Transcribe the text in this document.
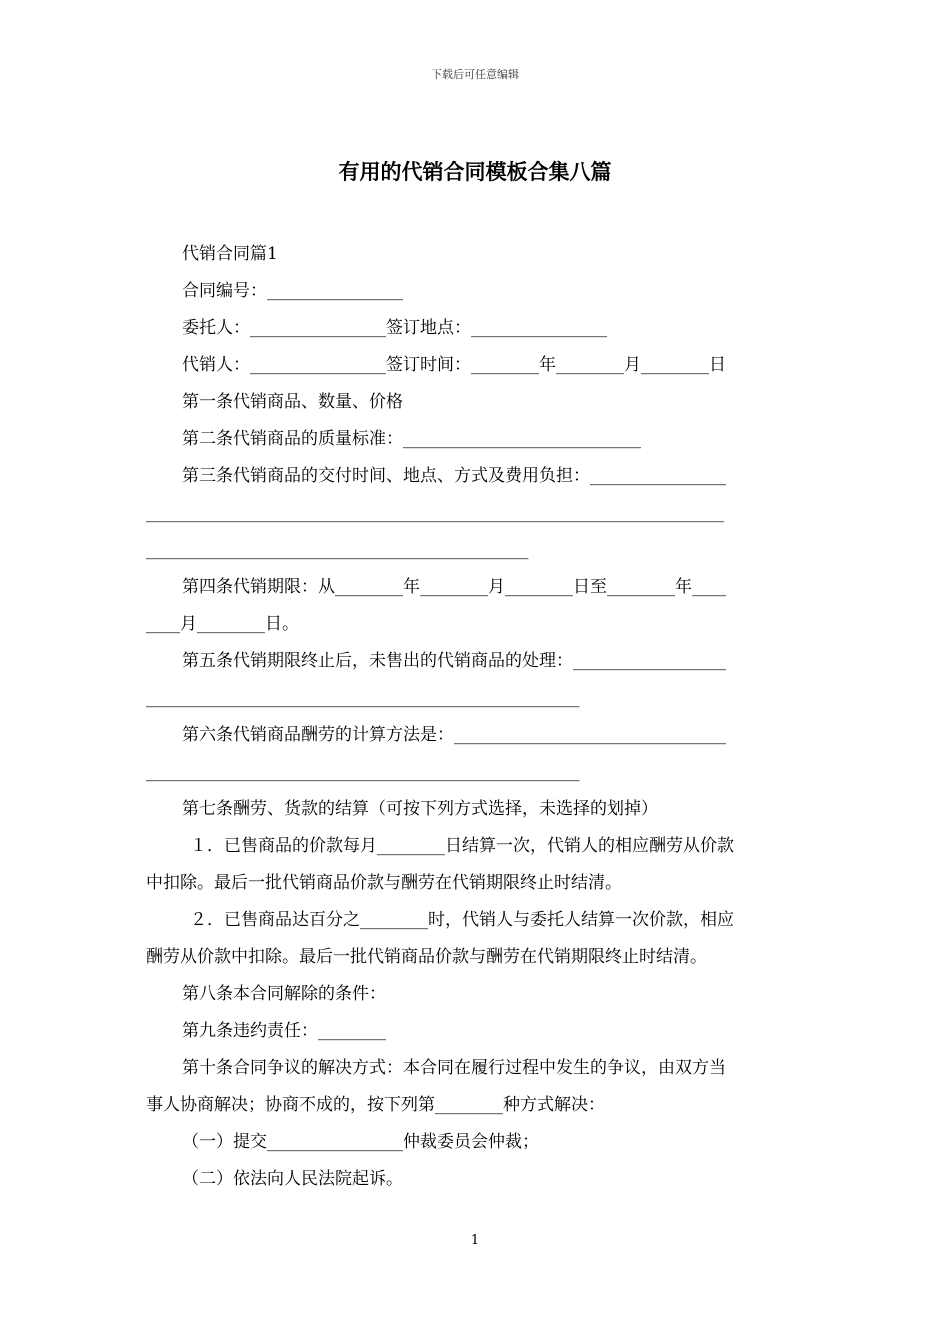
下载后可任意编辑
有用的代销合同模板合集八篇
代销合同篇1
合同编号：________________
委托人：________________签订地点：________________
代销人：________________签订时间：________年________月________日
第一条代销商品、数量、价格
第二条代销商品的质量标准：____________________________
第三条代销商品的交付时间、地点、方式及费用负担：________________
____________________________________________________________________
_____________________________________________
第四条代销期限：从________年________月________日至________年____
____月________日。
第五条代销期限终止后，未售出的代销商品的处理：__________________
___________________________________________________
第六条代销商品酬劳的计算方法是：________________________________
___________________________________________________
第七条酬劳、货款的结算（可按下列方式选择，未选择的划掉）
１．已售商品的价款每月________日结算一次，代销人的相应酬劳从价款
中扣除。最后一批代销商品价款与酬劳在代销期限终止时结清。
２．已售商品达百分之________时，代销人与委托人结算一次价款，相应
酬劳从价款中扣除。最后一批代销商品价款与酬劳在代销期限终止时结清。
第八条本合同解除的条件：
第九条违约责任：________
第十条合同争议的解决方式：本合同在履行过程中发生的争议，由双方当
事人协商解决；协商不成的，按下列第________种方式解决：
（一）提交________________仲裁委员会仲裁；
（二）依法向人民法院起诉。
1
